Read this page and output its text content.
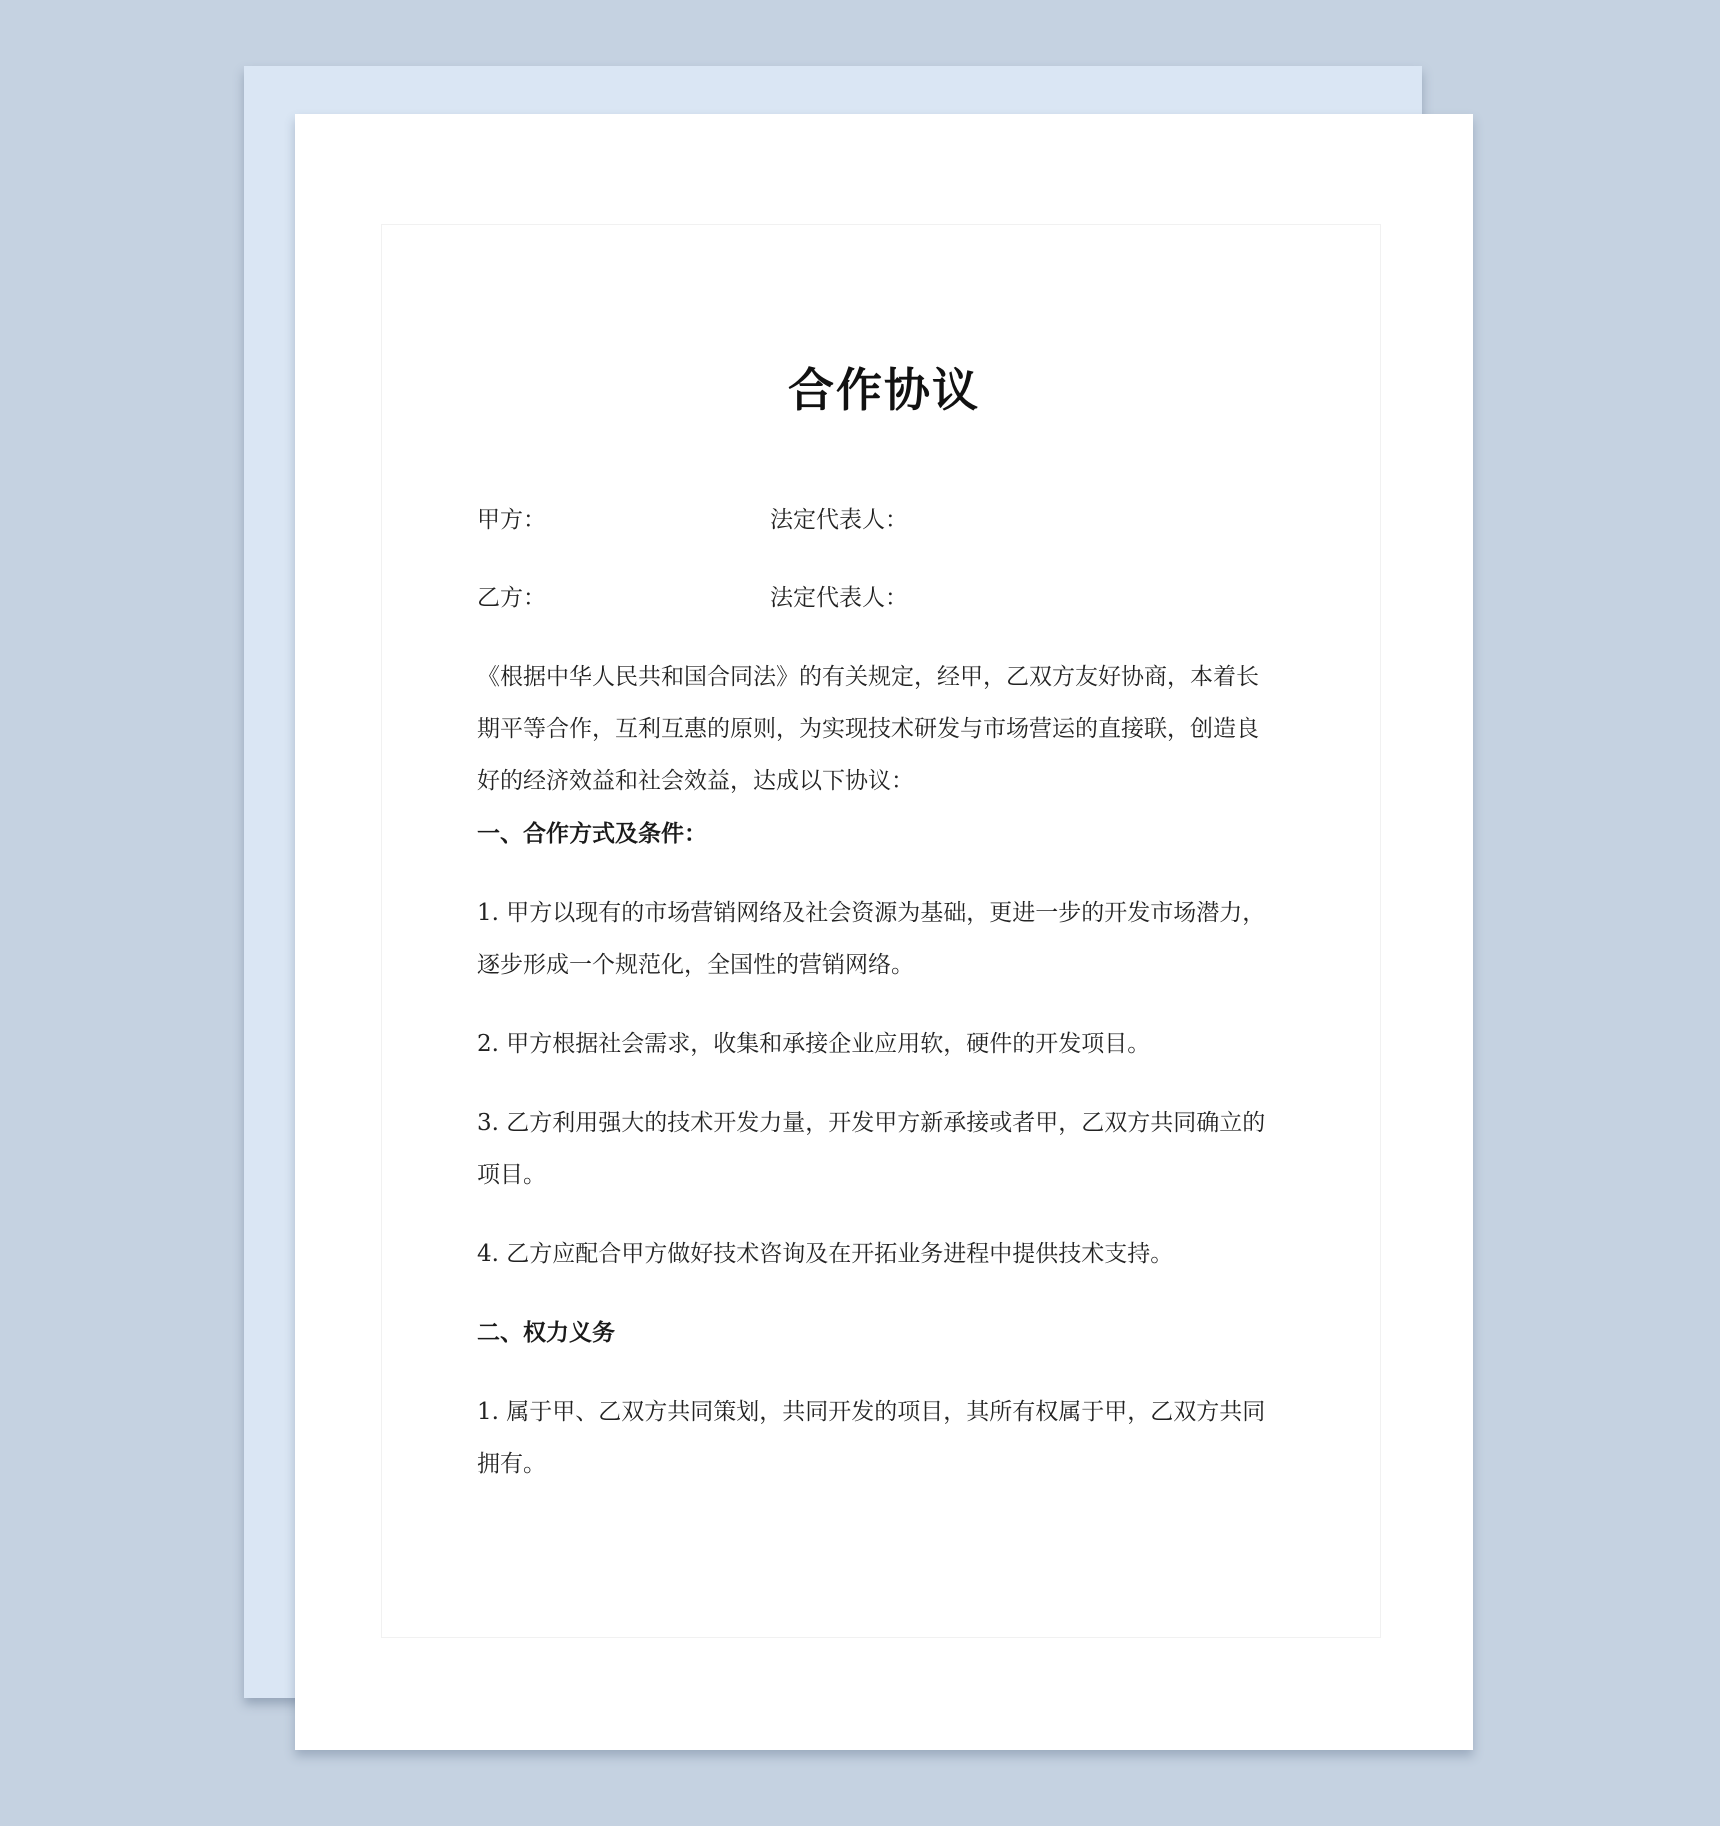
合作协议
甲方：	法定代表人：
乙方：	法定代表人：

《根据中华人民共和国合同法》的有关规定，经甲，乙双方友好协商，本着长
期平等合作，互利互惠的原则，为实现技术研发与市场营运的直接联，创造良
好的经济效益和社会效益，达成以下协议：

一、合作方式及条件：

1. 甲方以现有的市场营销网络及社会资源为基础，更进一步的开发市场潜力，
逐步形成一个规范化，全国性的营销网络。

2. 甲方根据社会需求，收集和承接企业应用软，硬件的开发项目。

3. 乙方利用强大的技术开发力量，开发甲方新承接或者甲，乙双方共同确立的
项目。

4. 乙方应配合甲方做好技术咨询及在开拓业务进程中提供技术支持。

二、权力义务

1. 属于甲、乙双方共同策划，共同开发的项目，其所有权属于甲，乙双方共同
拥有。
